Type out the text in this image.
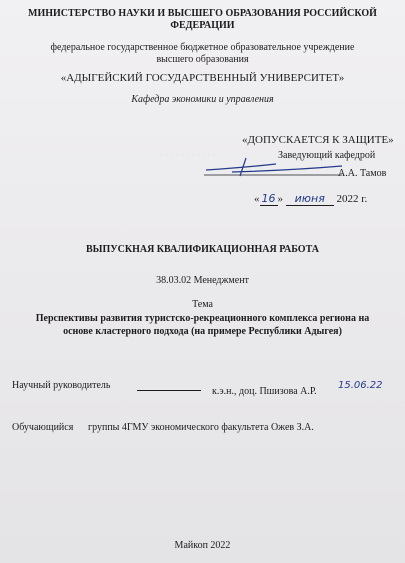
· · · · · · · · · · ·
МИНИСТЕРСТВО НАУКИ И ВЫСШЕГО ОБРАЗОВАНИЯ РОССИЙСКОЙ ФЕДЕРАЦИИ
федеральное государственное бюджетное образовательное учреждение
высшего образования
«АДЫГЕЙСКИЙ ГОСУДАРСТВЕННЫЙ УНИВЕРСИТЕТ»
Кафедра экономики и управления
«ДОПУСКАЕТСЯ К ЗАЩИТЕ»
Заведующий кафедрой
А.А. Тамов
« 16 » июня 2022 г.
ВЫПУСКНАЯ КВАЛИФИКАЦИОННАЯ РАБОТА
38.03.02 Менеджмент
Тема
Перспективы развития туристско-рекреационного комплекса региона на
основе кластерного подхода (на примере Республики Адыгея)
Научный руководитель
к.э.н., доц. Пшизова А.Р.
15.06.22
Обучающийся группы 4ГМУ экономического факультета Ожев З.А.
Майкоп 2022
